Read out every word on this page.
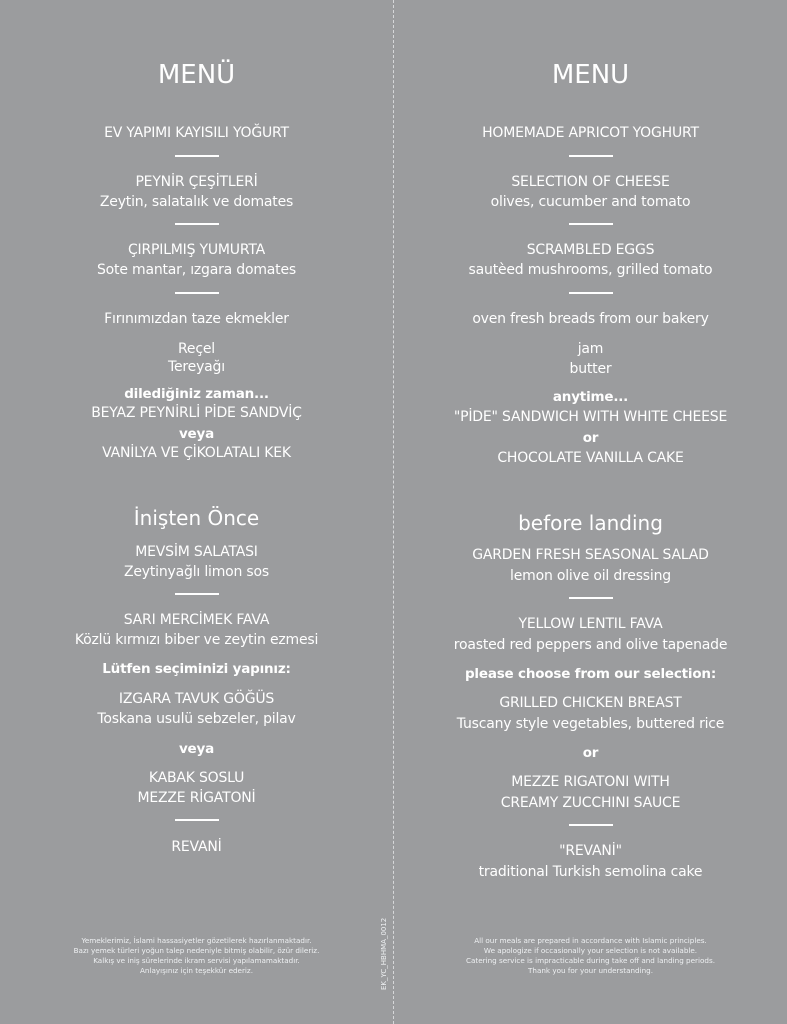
MENÜ
EV YAPIMI KAYISILI YOĞURT
PEYNİR ÇEŞİTLERİ
Zeytin, salatalık ve domates
ÇIRPILMIŞ YUMURTA
Sote mantar, ızgara domates
Fırınımızdan taze ekmekler
Reçel
Tereyağı
dilediğiniz zaman...
BEYAZ PEYNİRLİ PİDE SANDVİÇ
veya
VANİLYA VE ÇİKOLATALI KEK
İnişten Önce
MEVSİM SALATASI
Zeytinyağlı limon sos
SARI MERCİMEK FAVA
Közlü kırmızı biber ve zeytin ezmesi
Lütfen seçiminizi yapınız:
IZGARA TAVUK GÖĞÜS
Toskana usulü sebzeler, pilav
veya
KABAK SOSLU
MEZZE RİGATONİ
REVANİ
Yemeklerimiz, İslami hassasiyetler gözetilerek hazırlanmaktadır.
Bazı yemek türleri yoğun talep nedeniyle bitmiş olabilir, özür dileriz.
Kalkış ve iniş sürelerinde ikram servisi yapılamamaktadır.
Anlayışınız için teşekkür ederiz.
MENU
HOMEMADE APRICOT YOGHURT
SELECTION OF CHEESE
olives, cucumber and tomato
SCRAMBLED EGGS
sautèed mushrooms, grilled tomato
oven fresh breads from our bakery
jam
butter
anytime...
"PİDE" SANDWICH WITH WHITE CHEESE
or
CHOCOLATE VANILLA CAKE
before landing
GARDEN FRESH SEASONAL SALAD
lemon olive oil dressing
YELLOW LENTIL FAVA
roasted red peppers and olive tapenade
please choose from our selection:
GRILLED CHICKEN BREAST
Tuscany style vegetables, buttered rice
or
MEZZE RIGATONI WITH
CREAMY ZUCCHINI SAUCE
"REVANİ"
traditional Turkish semolina cake
All our meals are prepared in accordance with Islamic principles.
We apologize if occasionally your selection is not available.
Catering service is impracticable during take off and landing periods.
Thank you for your understanding.
EK_YC_HBHMA_0012
